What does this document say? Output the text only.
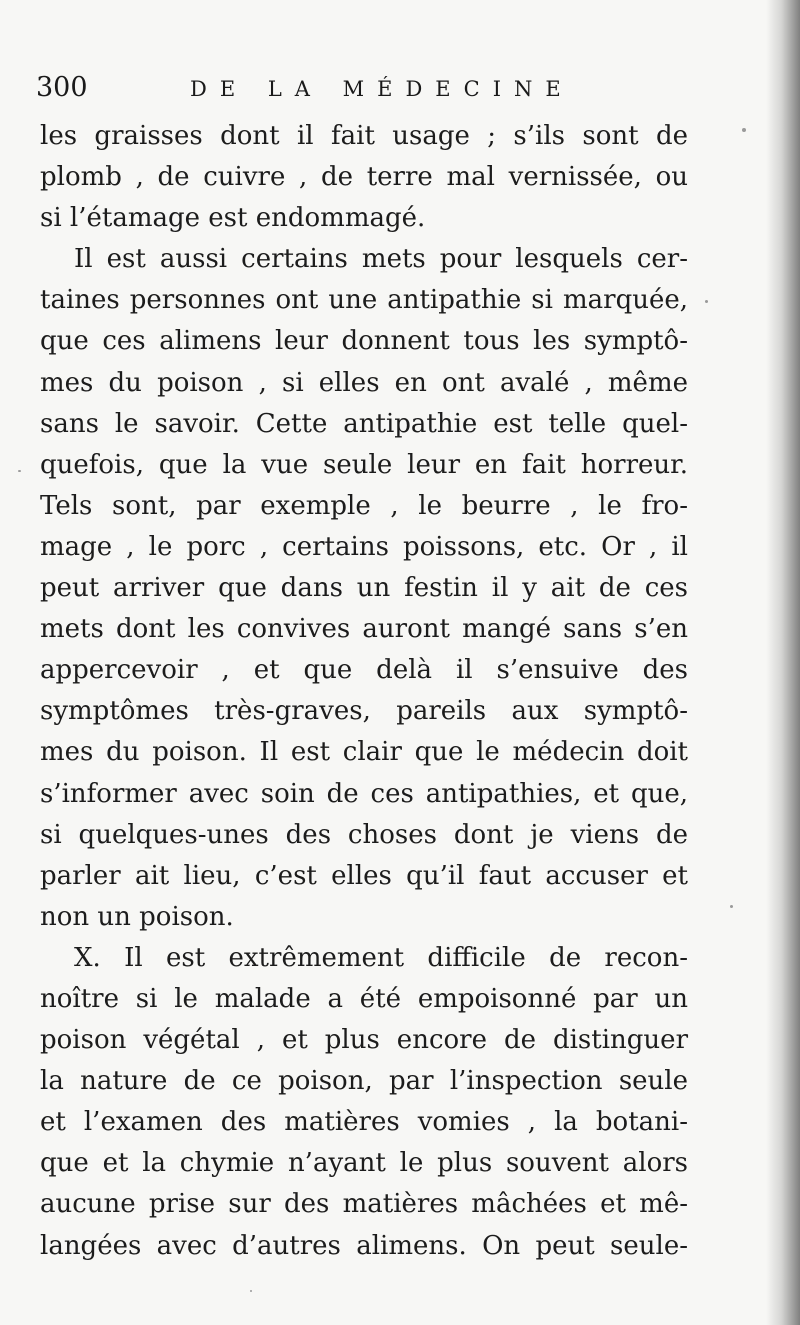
300	DE LA MÉDECINE
les graisses dont il fait usage ; s’ils sont de
plomb , de cuivre , de terre mal vernissée, ou
si l’étamage est endommagé.
Il est aussi certains mets pour lesquels cer-
taines personnes ont une antipathie si marquée,
que ces alimens leur donnent tous les symptô-
mes du poison , si elles en ont avalé , même
sans le savoir. Cette antipathie est telle quel-
quefois, que la vue seule leur en fait horreur.
Tels sont, par exemple , le beurre , le fro-
mage , le porc , certains poissons, etc. Or , il
peut arriver que dans un festin il y ait de ces
mets dont les convives auront mangé sans s’en
appercevoir , et que delà il s’ensuive des
symptômes très-graves, pareils aux symptô-
mes du poison. Il est clair que le médecin doit
s’informer avec soin de ces antipathies, et que,
si quelques-unes des choses dont je viens de
parler ait lieu, c’est elles qu’il faut accuser et
non un poison.
X. Il est extrêmement difficile de recon-
noître si le malade a été empoisonné par un
poison végétal , et plus encore de distinguer
la nature de ce poison, par l’inspection seule
et l’examen des matières vomies , la botani-
que et la chymie n’ayant le plus souvent alors
aucune prise sur des matières mâchées et mê-
langées avec d’autres alimens. On peut seule-
